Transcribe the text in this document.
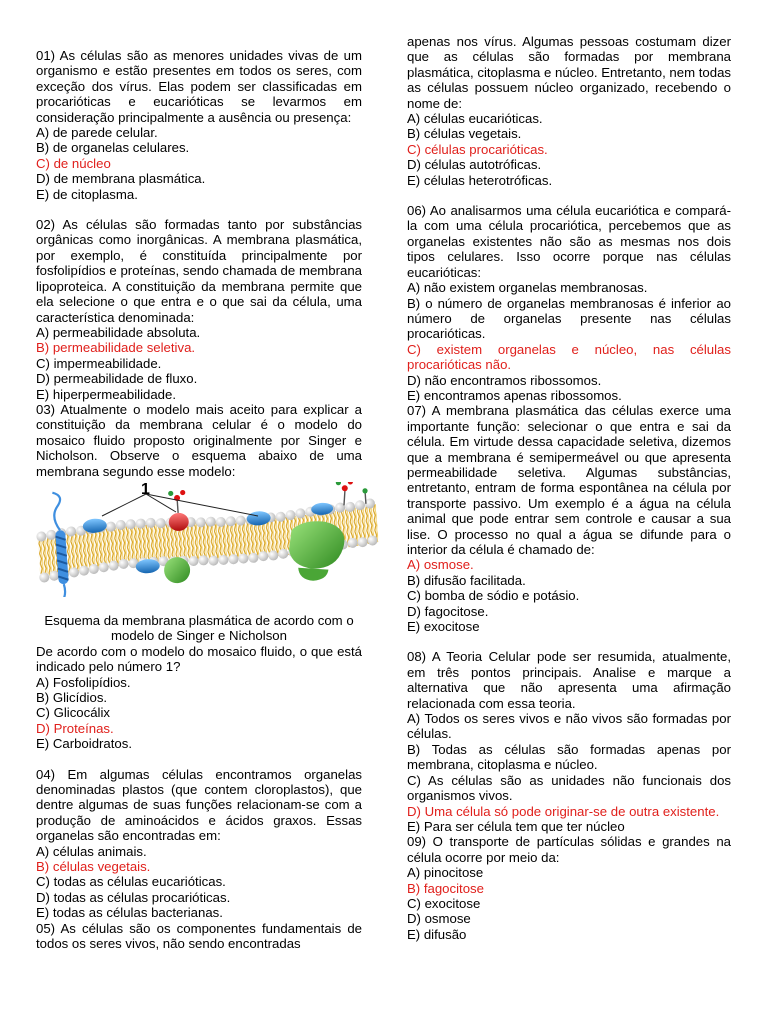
01) As células são as menores unidades vivas de um organismo e estão presentes em todos os seres, com exceção dos vírus. Elas podem ser classificadas em procarióticas e eucarióticas se levarmos em consideração principalmente a ausência ou presença:

A) de parede celular.
B) de organelas celulares.
C) de núcleo
D) de membrana plasmática.
E) de citoplasma.

02) As células são formadas tanto por substâncias orgânicas como inorgânicas. A membrana plasmática, por exemplo, é constituída principalmente por fosfolipídios e proteínas, sendo chamada de membrana lipoproteica. A constituição da membrana permite que ela selecione o que entra e o que sai da célula, uma característica denominada:

A) permeabilidade absoluta.
B) permeabilidade seletiva.
C) impermeabilidade.
D) permeabilidade de fluxo.
E) hiperpermeabilidade.

03) Atualmente o modelo mais aceito para explicar a constituição da membrana celular é o modelo do mosaico fluido proposto originalmente por Singer e Nicholson. Observe o esquema abaixo de uma membrana segundo esse modelo:

1

Esquema da membrana plasmática de acordo com o modelo de Singer e Nicholson

De acordo com o modelo do mosaico fluido, o que está indicado pelo número 1?

A) Fosfolipídios.
B) Glicídios.
C) Glicocálix
D) Proteínas.
E) Carboidratos.

04) Em algumas células encontramos organelas denominadas plastos (que contem cloroplastos), que dentre algumas de suas funções relacionam-se com a produção de aminoácidos e ácidos graxos. Essas organelas são encontradas em:

A) células animais.
B) células vegetais.
C) todas as células eucarióticas.
D) todas as células procarióticas.
E) todas as células bacterianas.

05) As células são os componentes fundamentais de todos os seres vivos, não sendo encontradas

apenas nos vírus. Algumas pessoas costumam dizer que as células são formadas por membrana plasmática, citoplasma e núcleo. Entretanto, nem todas as células possuem núcleo organizado, recebendo o nome de:

A) células eucarióticas.
B) células vegetais.
C) células procarióticas.
D) células autotróficas.
E) células heterotróficas.

06) Ao analisarmos uma célula eucariótica e compará-la com uma célula procariótica, percebemos que as organelas existentes não são as mesmas nos dois tipos celulares. Isso ocorre porque nas células eucarióticas:

A) não existem organelas membranosas.

B) o número de organelas membranosas é inferior ao número de organelas presente nas células procarióticas.

C) existem organelas e núcleo, nas células procarióticas não.

D) não encontramos ribossomos.
E) encontramos apenas ribossomos.

07) A membrana plasmática das células exerce uma importante função: selecionar o que entra e sai da célula. Em virtude dessa capacidade seletiva, dizemos que a membrana é semipermeável ou que apresenta permeabilidade seletiva. Algumas substâncias, entretanto, entram de forma espontânea na célula por transporte passivo. Um exemplo é a água na célula animal que pode entrar sem controle e causar a sua lise. O processo no qual a água se difunde para o interior da célula é chamado de:

A) osmose.
B) difusão facilitada.
C) bomba de sódio e potásio.
D) fagocitose.
E) exocitose

08) A Teoria Celular pode ser resumida, atualmente, em três pontos principais. Analise e marque a alternativa que não apresenta uma afirmação relacionada com essa teoria.

A) Todos os seres vivos e não vivos são formadas por células.

B) Todas as células são formadas apenas por membrana, citoplasma e núcleo.

C) As células são as unidades não funcionais dos organismos vivos.

D) Uma célula só pode originar-se de outra existente.

E) Para ser célula tem que ter núcleo

09) O transporte de partículas sólidas e grandes na célula ocorre por meio da:

A) pinocitose
B) fagocitose
C) exocitose
D) osmose
E) difusão
